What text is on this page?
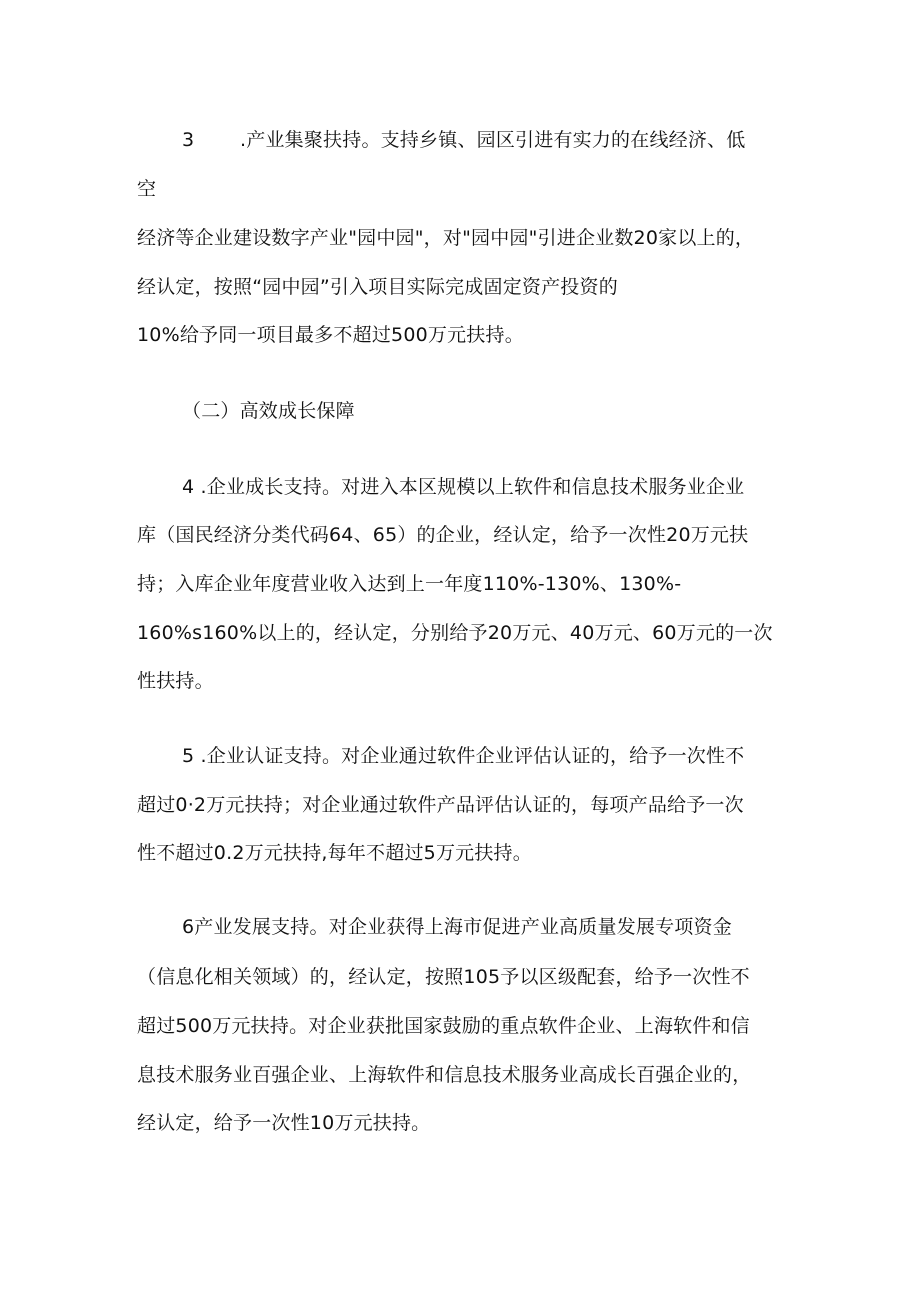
3 .产业集聚扶持。支持乡镇、园区引进有实力的在线经济、低
空
经济等企业建设数字产业"园中园"，对"园中园"引进企业数20家以上的，
经认定，按照“园中园”引入项目实际完成固定资产投资的
10%给予同一项目最多不超过500万元扶持。
（二）高效成长保障
4 .企业成长支持。对进入本区规模以上软件和信息技术服务业企业
库（国民经济分类代码64、65）的企业，经认定，给予一次性20万元扶
持；入库企业年度营业收入达到上一年度110%-130%、130%-
160%s160%以上的，经认定，分别给予20万元、40万元、60万元的一次
性扶持。
5 .企业认证支持。对企业通过软件企业评估认证的，给予一次性不
超过0·2万元扶持；对企业通过软件产品评估认证的，每项产品给予一次
性不超过0.2万元扶持,每年不超过5万元扶持。
6产业发展支持。对企业获得上海市促进产业高质量发展专项资金
（信息化相关领域）的，经认定，按照105予以区级配套，给予一次性不
超过500万元扶持。对企业获批国家鼓励的重点软件企业、上海软件和信
息技术服务业百强企业、上海软件和信息技术服务业高成长百强企业的，
经认定，给予一次性10万元扶持。
